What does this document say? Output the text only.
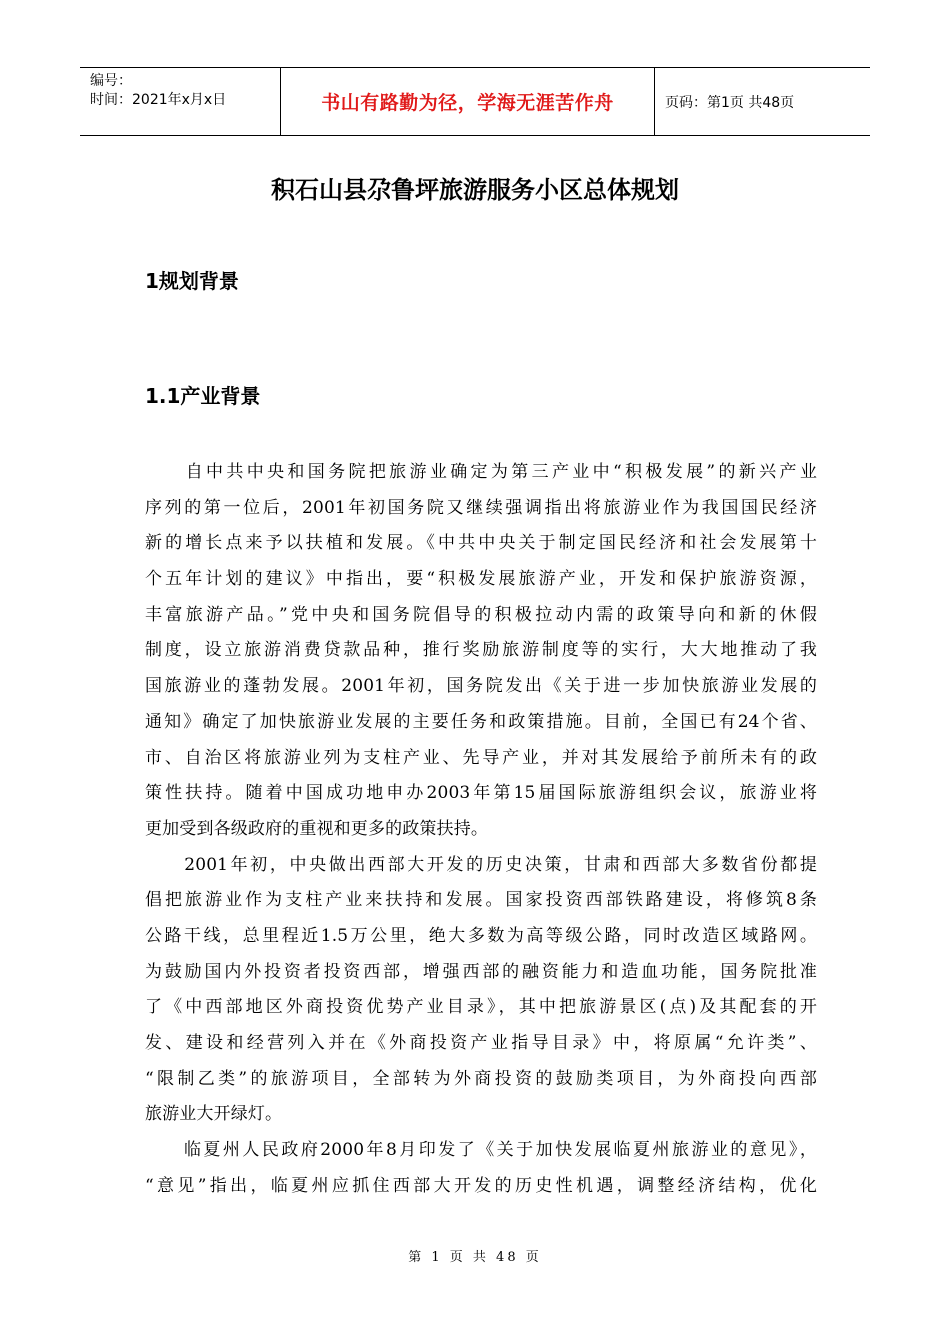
编号：
时间：2021年x月x日	书山有路勤为径，学海无涯苦作舟	页码：第1页 共48页
积石山县尕鲁坪旅游服务小区总体规划
1规划背景
1.1产业背景
　　自中共中央和国务院把旅游业确定为第三产业中“积极发展”的新兴产业
序列的第一位后，2001年初国务院又继续强调指出将旅游业作为我国国民经济
新的增长点来予以扶植和发展。《中共中央关于制定国民经济和社会发展第十
个五年计划的建议》中指出，要“积极发展旅游产业，开发和保护旅游资源，
丰富旅游产品。”党中央和国务院倡导的积极拉动内需的政策导向和新的休假
制度，设立旅游消费贷款品种，推行奖励旅游制度等的实行，大大地推动了我
国旅游业的蓬勃发展。2001年初，国务院发出《关于进一步加快旅游业发展的
通知》确定了加快旅游业发展的主要任务和政策措施。目前，全国已有24个省、
市、自治区将旅游业列为支柱产业、先导产业，并对其发展给予前所未有的政
策性扶持。随着中国成功地申办2003年第15届国际旅游组织会议，旅游业将
更加受到各级政府的重视和更多的政策扶持。
　　2001年初，中央做出西部大开发的历史决策，甘肃和西部大多数省份都提
倡把旅游业作为支柱产业来扶持和发展。国家投资西部铁路建设，将修筑8条
公路干线，总里程近1.5万公里，绝大多数为高等级公路，同时改造区域路网。
为鼓励国内外投资者投资西部，增强西部的融资能力和造血功能，国务院批准
了《中西部地区外商投资优势产业目录》，其中把旅游景区(点)及其配套的开
发、建设和经营列入并在《外商投资产业指导目录》中，将原属“允许类”、
“限制乙类”的旅游项目，全部转为外商投资的鼓励类项目，为外商投向西部
旅游业大开绿灯。
　　临夏州人民政府2000年8月印发了《关于加快发展临夏州旅游业的意见》，
“意见”指出，临夏州应抓住西部大开发的历史性机遇，调整经济结构，优化
第 1 页 共 48 页
